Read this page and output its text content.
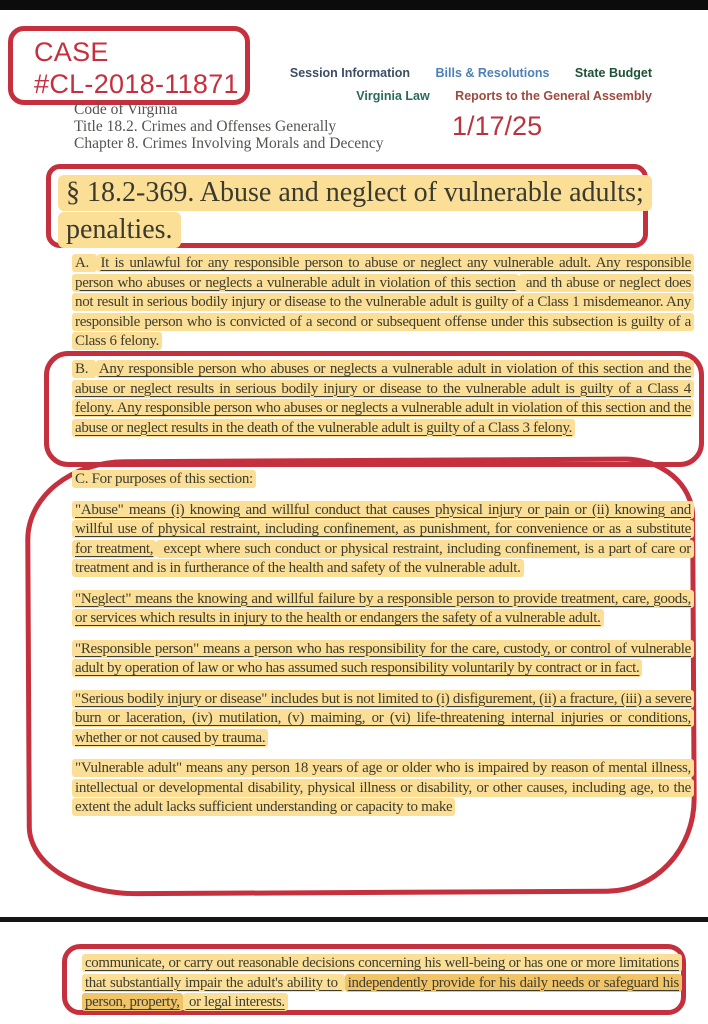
CASE
#CL-2018-11871	Session Information Bills & Resolutions State Budget
Virginia Law Reports to the General Assembly
Code of Virginia
Title 18.2. Crimes and Offenses Generally
Chapter 8. Crimes Involving Morals and Decency
1/17/25
§ 18.2-369. Abuse and neglect of vulnerable adults; penalties.

A. It is unlawful for any responsible person to abuse or neglect any vulnerable adult. Any responsible person who abuses or neglects a vulnerable adult in violation of this section and th abuse or neglect does not result in serious bodily injury or disease to the vulnerable adult is guilty of a Class 1 misdemeanor. Any responsible person who is convicted of a second or subsequent offense under this subsection is guilty of a Class 6 felony.

B. Any responsible person who abuses or neglects a vulnerable adult in violation of this section and the abuse or neglect results in serious bodily injury or disease to the vulnerable adult is guilty of a Class 4 felony. Any responsible person who abuses or neglects a vulnerable adult in violation of this section and the abuse or neglect results in the death of the vulnerable adult is guilty of a Class 3 felony.

C. For purposes of this section:

"Abuse" means (i) knowing and willful conduct that causes physical injury or pain or (ii) knowing and willful use of physical restraint, including confinement, as punishment, for convenience or as a substitute for treatment, except where such conduct or physical restraint, including confinement, is a part of care or treatment and is in furtherance of the health and safety of the vulnerable adult.

"Neglect" means the knowing and willful failure by a responsible person to provide treatment, care, goods, or services which results in injury to the health or endangers the safety of a vulnerable adult.

"Responsible person" means a person who has responsibility for the care, custody, or control of vulnerable adult by operation of law or who has assumed such responsibility voluntarily by contract or in fact.

"Serious bodily injury or disease" includes but is not limited to (i) disfigurement, (ii) a fracture, (iii) a severe burn or laceration, (iv) mutilation, (v) maiming, or (vi) life-threatening internal injuries or conditions, whether or not caused by trauma.

"Vulnerable adult" means any person 18 years of age or older who is impaired by reason of mental illness, intellectual or developmental disability, physical illness or disability, or other causes, including age, to the extent the adult lacks sufficient understanding or capacity to make

communicate, or carry out reasonable decisions concerning his well-being or has one or more limitations that substantially impair the adult's ability to independently provide for his daily needs or safeguard his person, property, or legal interests.
